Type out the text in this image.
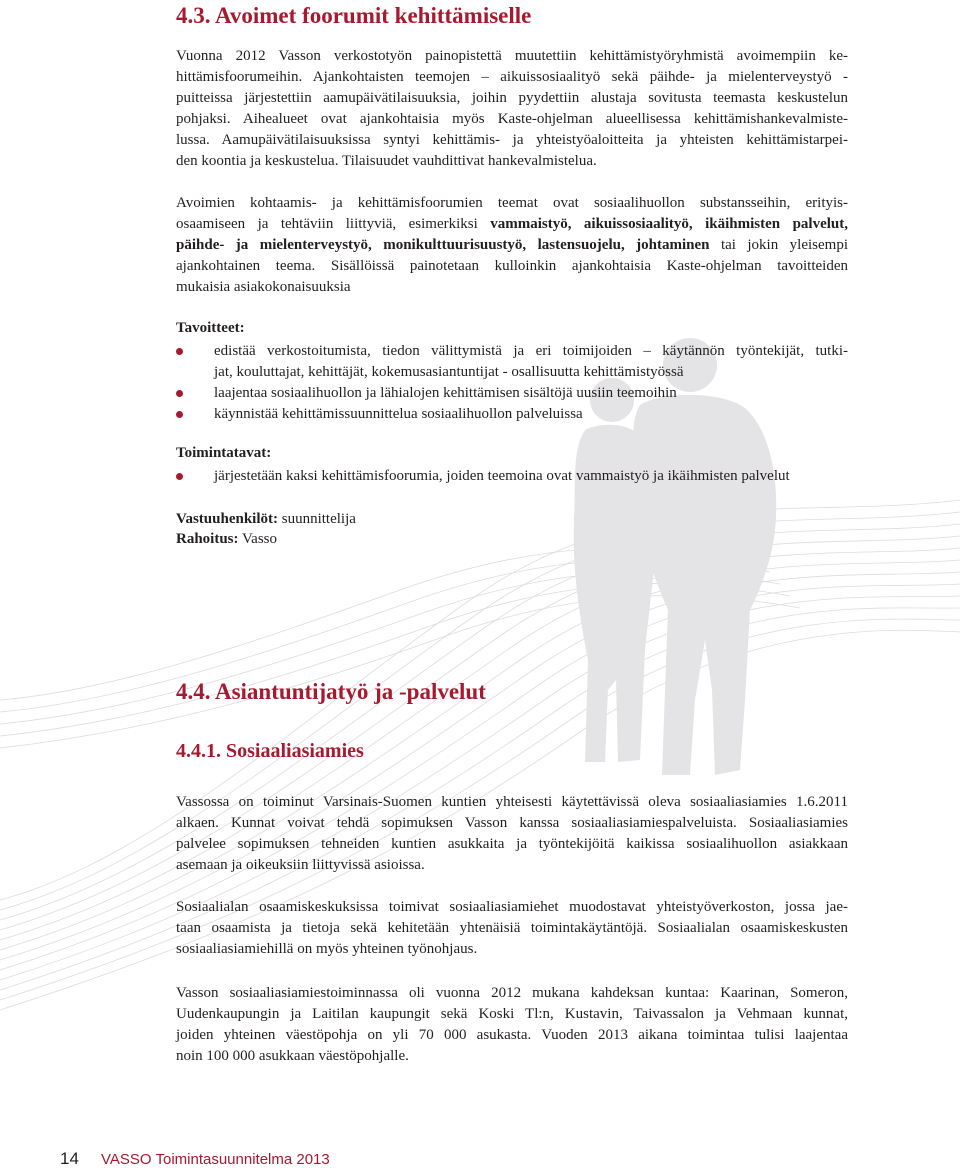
4.3. Avoimet foorumit kehittämiselle
Vuonna 2012 Vasson verkostotyön painopistettä muutettiin kehittämistyöryhmistä avoimempiin ke-
hittämisfoorumeihin. Ajankohtaisten teemojen – aikuissosiaalityö sekä päihde- ja mielenterveystyö -
puitteissa järjestettiin aamupäivätilaisuuksia, joihin pyydettiin alustaja sovitusta teemasta keskustelun
pohjaksi. Aihealueet ovat ajankohtaisia myös Kaste-ohjelman alueellisessa kehittämishankevalmiste-
lussa. Aamupäivätilaisuuksissa syntyi kehittämis- ja yhteistyöaloitteita ja yhteisten kehittämistarpei-
den koontia ja keskustelua. Tilaisuudet vauhdittivat hankevalmistelua.
Avoimien kohtaamis- ja kehittämisfoorumien teemat ovat sosiaalihuollon substansseihin, erityis-
osaamiseen ja tehtäviin liittyviä, esimerkiksi vammaistyö, aikuissosiaalityö, ikäihmisten palvelut,
päihde- ja mielenterveystyö, monikulttuurisuustyö, lastensuojelu, johtaminen tai jokin yleisempi
ajankohtainen teema. Sisällöissä painotetaan kulloinkin ajankohtaisia Kaste-ohjelman tavoitteiden
mukaisia asiakokonaisuuksia
Tavoitteet:
edistää verkostoitumista, tiedon välittymistä ja eri toimijoiden – käytännön työntekijät, tutki-
jat, kouluttajat, kehittäjät, kokemusasiantuntijat - osallisuutta kehittämistyössä
laajentaa sosiaalihuollon ja lähialojen kehittämisen sisältöjä uusiin teemoihin
käynnistää kehittämissuunnittelua sosiaalihuollon palveluissa
Toimintatavat:
järjestetään kaksi kehittämisfoorumia, joiden teemoina ovat vammaistyö ja ikäihmisten palvelut
Vastuuhenkilöt: suunnittelija
Rahoitus: Vasso
4.4. Asiantuntijatyö ja -palvelut
4.4.1. Sosiaaliasiamies
Vassossa on toiminut Varsinais-Suomen kuntien yhteisesti käytettävissä oleva sosiaaliasiamies 1.6.2011
alkaen. Kunnat voivat tehdä sopimuksen Vasson kanssa sosiaaliasiamiespalveluista. Sosiaaliasiamies
palvelee sopimuksen tehneiden kuntien asukkaita ja työntekijöitä kaikissa sosiaalihuollon asiakkaan
asemaan ja oikeuksiin liittyvissä asioissa.
Sosiaalialan osaamiskeskuksissa toimivat sosiaaliasiamiehet muodostavat yhteistyöverkoston, jossa jae-
taan osaamista ja tietoja sekä kehitetään yhtenäisiä toimintakäytäntöjä. Sosiaalialan osaamiskeskusten
sosiaaliasiamiehillä on myös yhteinen työnohjaus.
Vasson sosiaaliasiamiestoiminnassa oli vuonna 2012 mukana kahdeksan kuntaa: Kaarinan, Someron,
Uudenkaupungin ja Laitilan kaupungit sekä Koski Tl:n, Kustavin, Taivassalon ja Vehmaan kunnat,
joiden yhteinen väestöpohja on yli 70 000 asukasta. Vuoden 2013 aikana toimintaa tulisi laajentaa
noin 100 000 asukkaan väestöpohjalle.
14 VASSO Toimintasuunnitelma 2013
